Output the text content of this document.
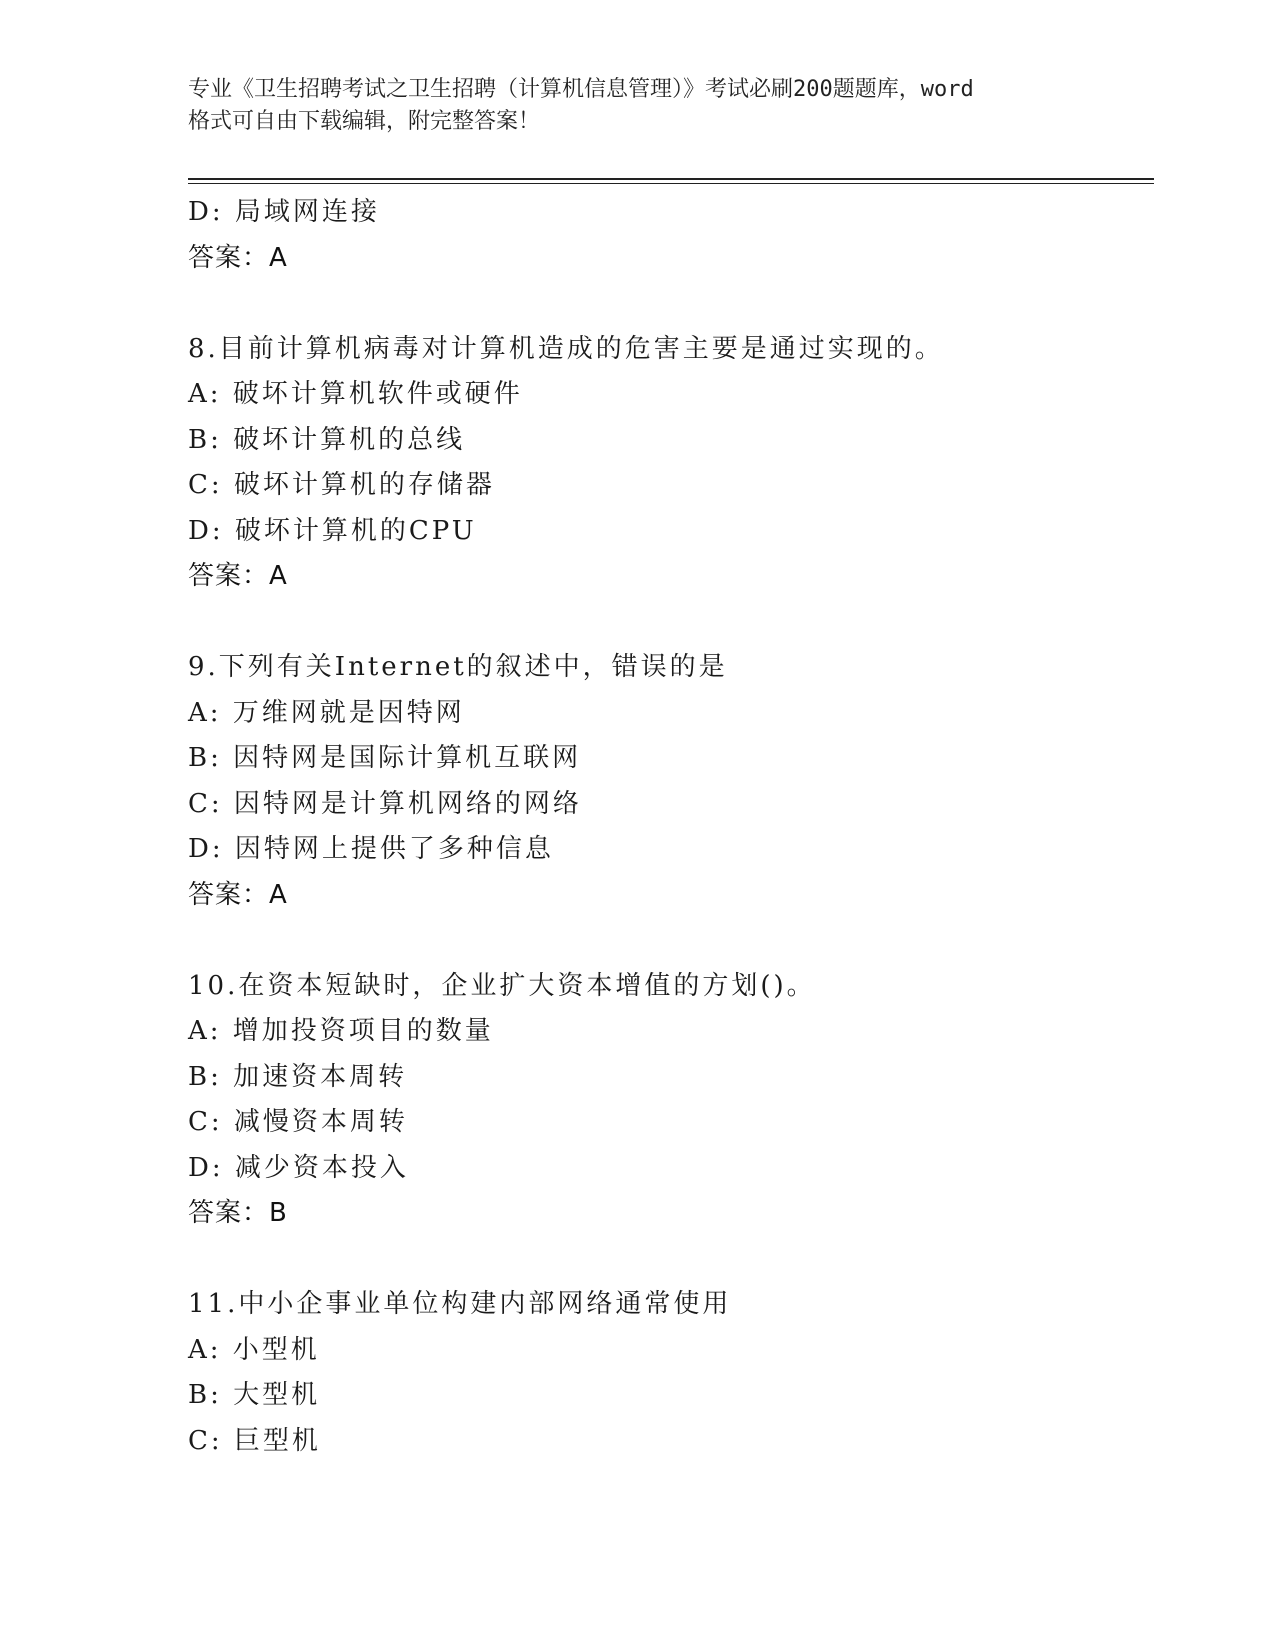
专业《卫生招聘考试之卫生招聘（计算机信息管理）》考试必刷200题题库，word
格式可自由下载编辑，附完整答案！
D: 局域网连接
答案：A
8.目前计算机病毒对计算机造成的危害主要是通过实现的。
A: 破坏计算机软件或硬件
B: 破坏计算机的总线
C: 破坏计算机的存储器
D: 破坏计算机的CPU
答案：A
9.下列有关Internet的叙述中，错误的是
A: 万维网就是因特网
B: 因特网是国际计算机互联网
C: 因特网是计算机网络的网络
D: 因特网上提供了多种信息
答案：A
10.在资本短缺时，企业扩大资本增值的方划()。
A: 增加投资项目的数量
B: 加速资本周转
C: 减慢资本周转
D: 减少资本投入
答案：B
11.中小企事业单位构建内部网络通常使用
A: 小型机
B: 大型机
C: 巨型机
